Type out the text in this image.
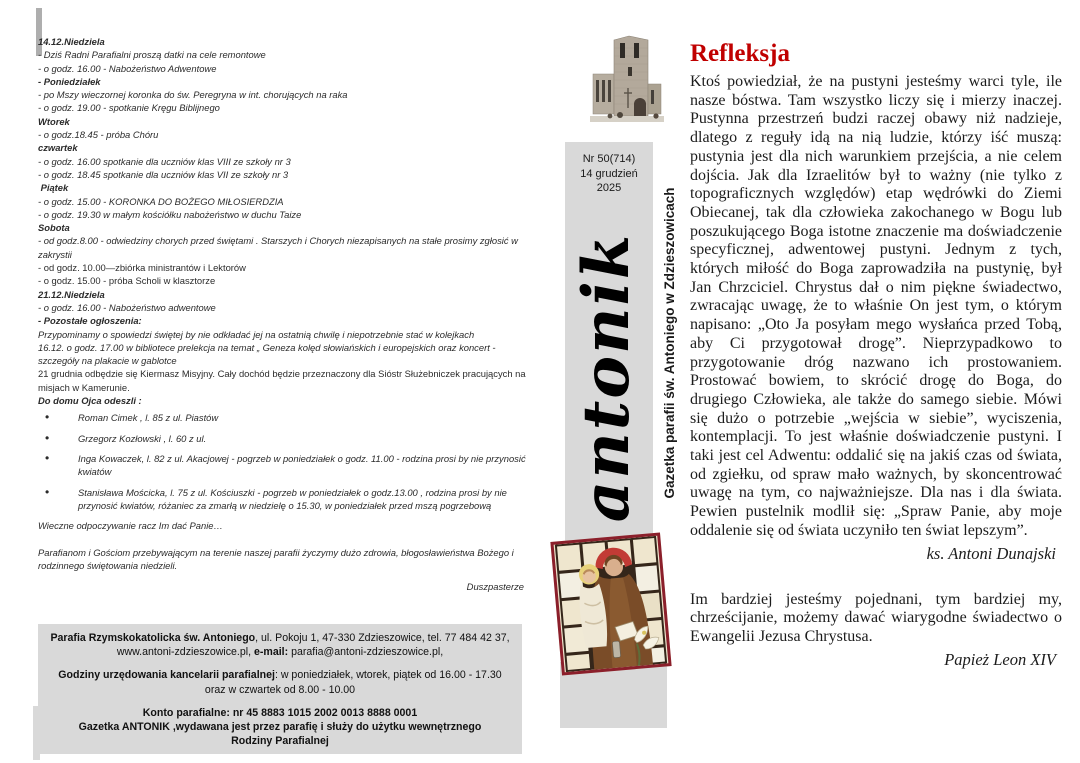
14.12.Niedziela
- Dziś Radni Parafialni proszą datki na cele remontowe
- o godz. 16.00 - Nabożeństwo Adwentowe
- Poniedziałek
- po Mszy wieczornej koronka do św. Peregryna w int. chorujących na raka
- o godz. 19.00 - spotkanie Kręgu Biblijnego
Wtorek
- o godz.18.45 - próba Chóru
czwartek
- o godz. 16.00 spotkanie dla uczniów klas VIII ze szkoły nr 3
- o godz. 18.45 spotkanie dla uczniów klas VII ze szkoły nr 3
Piątek
- o godz. 15.00 - KORONKA DO BOŻEGO MIŁOSIERDZIA
- o godz. 19.30 w małym kościółku nabożeństwo w duchu Taize
Sobota
- od godz.8.00 - odwiedziny chorych przed świętami . Starszych i Chorych niezapisanych na stałe prosimy zgłosić w zakrystii
- od godz. 10.00—zbiórka ministrantów i Lektorów
- o godz. 15.00 - próba Scholi w klasztorze
21.12.Niedziela
- o godz. 16.00 - Nabożeństwo adwentowe
- Pozostałe ogłoszenia:
Przypominamy o spowiedzi świętej by nie odkładać jej na ostatnią chwilę i niepotrzebnie stać w kolejkach
16.12. o godz. 17.00 w bibliotece prelekcja na temat „ Geneza kolęd słowiańskich i europejskich oraz koncert - szczegóły na plakacie w gablotce
21 grudnia odbędzie się Kiermasz Misyjny. Cały dochód będzie przeznaczony dla Sióstr Służebniczek pracujących na misjach w Kamerunie.
Do domu Ojca odeszli :
• Roman Cimek , l. 85 z ul. Piastów
• Grzegorz Kozłowski , l. 60 z ul.
• Inga Kowaczek, l. 82 z ul. Akacjowej - pogrzeb w poniedziałek o godz. 11.00 - rodzina prosi by nie przynosić kwiatów
• Stanisława Mościcka, l. 75 z ul. Kościuszki - pogrzeb w poniedziałek o godz.13.00 , rodzina prosi by nie przynosić kwiatów, różaniec za zmarłą w niedzielę o 15.30, w poniedziałek przed mszą pogrzebową
Wieczne odpoczywanie racz Im dać Panie…
Parafianom i Gościom przebywającym na terenie naszej parafii życzymy dużo zdrowia, błogosławieństwa Bożego i rodzinnego świętowania niedzieli.
Duszpasterze
Parafia Rzymskokatolicka św. Antoniego, ul. Pokoju 1, 47-330 Zdzieszowice, tel. 77 484 42 37,
www.antoni-zdzieszowice.pl, e-mail: parafia@antoni-zdzieszowice.pl,
Godziny urzędowania kancelarii parafialnej: w poniedziałek, wtorek, piątek od 16.00 - 17.30
oraz w czwartek od 8.00 - 10.00
Konto parafialne: nr 45 8883 1015 2002 0013 8888 0001
Gazetka ANTONIK ,wydawana jest przez parafię i służy do użytku wewnętrznego
Rodziny Parafialnej
Nr 50(714)
14 grudzień
2025
antonik	Gazetka parafii św. Antoniego w Zdzieszowicach
Refleksja

Ktoś powiedział, że na pustyni jesteśmy warci tyle, ile nasze bóstwa. Tam wszystko liczy się i mierzy inaczej. Pustynna przestrzeń budzi raczej obawy niż nadzieje, dlatego z reguły idą na nią ludzie, którzy iść muszą: pustynia jest dla nich warunkiem przejścia, a nie celem dojścia. Jak dla Izraelitów był to ważny (nie tylko z topograficznych względów) etap wędrówki do Ziemi Obiecanej, tak dla człowieka zakochanego w Bogu lub poszukującego Boga istotne znaczenie ma doświadczenie specyficznej, adwentowej pustyni. Jednym z tych, których miłość do Boga zaprowadziła na pustynię, był Jan Chrzciciel. Chrystus dał o nim piękne świadectwo, zwracając uwagę, że to właśnie On jest tym, o którym napisano: „Oto Ja posyłam mego wysłańca przed Tobą, aby Ci przygotował drogę”. Nieprzypadkowo to przygotowanie dróg nazwano ich prostowaniem. Prostować bowiem, to skrócić drogę do Boga, do drugiego Człowieka, ale także do samego siebie. Mówi się dużo o potrzebie „wejścia w siebie”, wyciszenia, kontemplacji. To jest właśnie doświadczenie pustyni. I taki jest cel Adwentu: oddalić się na jakiś czas od świata, od zgiełku, od spraw mało ważnych, by skoncentrować uwagę na tym, co najważniejsze. Dla nas i dla świata. Pewien pustelnik modlił się: „Spraw Panie, aby moje oddalenie się od świata uczyniło ten świat lepszym”.

ks. Antoni Dunajski

Im bardziej jesteśmy pojednani, tym bardziej my, chrześcijanie, możemy dawać wiarygodne świadectwo o Ewangelii Jezusa Chrystusa.

Papież Leon XIV
